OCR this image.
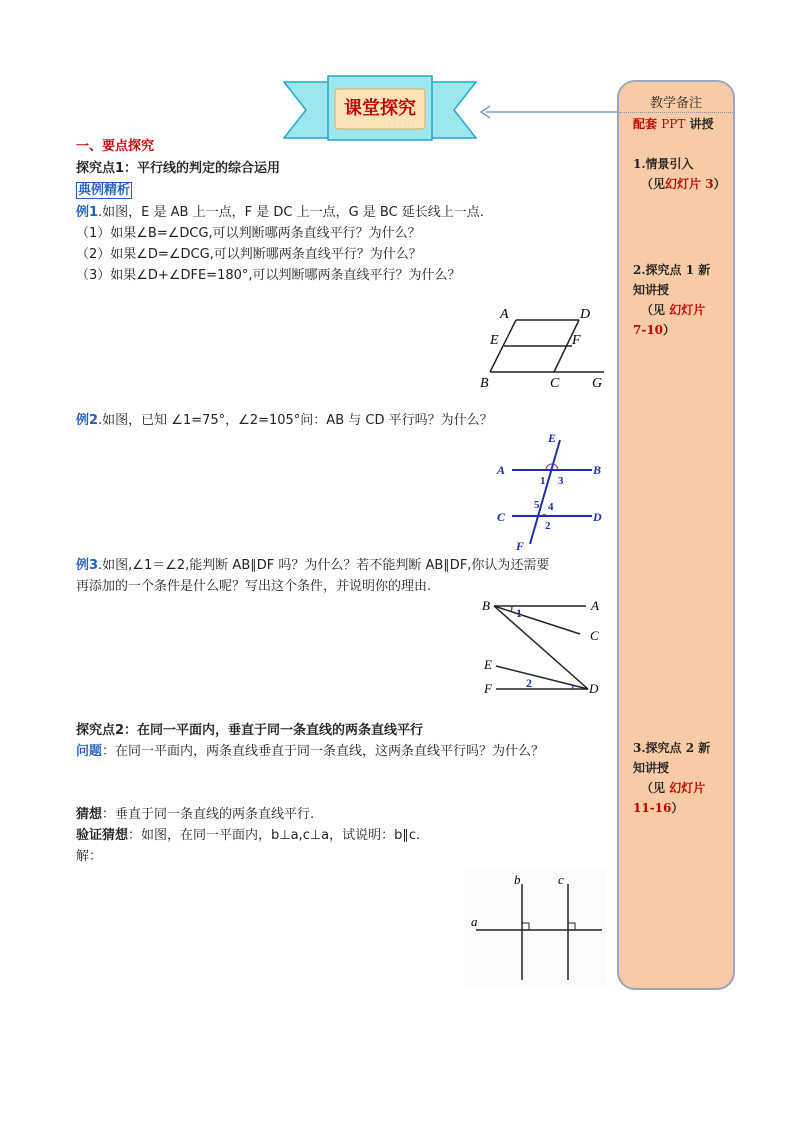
课堂探究	教学备注
配套 PPT 讲授
1.情景引入
（见幻灯片 3）
2.探究点 1 新
知讲授
（见 幻灯片
7-10）
3.探究点 2 新
知讲授
（见 幻灯片
11-16）
一、要点探究
探究点1：平行线的判定的综合运用
典例精析
例1.如图，E 是 AB 上一点，F 是 DC 上一点，G 是 BC 延长线上一点.
（1）如果∠B=∠DCG,可以判断哪两条直线平行？为什么？
（2）如果∠D=∠DCG,可以判断哪两条直线平行？为什么？
（3）如果∠D+∠DFE=180°,可以判断哪两条直线平行？为什么？
A	D
E	F
B	C G
例2.如图，已知 ∠1=75°，∠2=105°问：AB 与 CD 平行吗？为什么？
E
A	B
1 3
5 4
C	D
2
F
例3.如图,∠1＝∠2,能判断 AB∥DF 吗？为什么？若不能判断 AB∥DF,你认为还需要
再添加的一个条件是什么呢？写出这个条件，并说明你的理由.
B	A
1
C
E
2
F	D
探究点2：在同一平面内，垂直于同一条直线的两条直线平行
问题：在同一平面内，两条直线垂直于同一条直线，这两条直线平行吗？为什么？
猜想：垂直于同一条直线的两条直线平行.
验证猜想：如图，在同一平面内，b⊥a,c⊥a，试说明：b∥c.
解：
b	c
a
